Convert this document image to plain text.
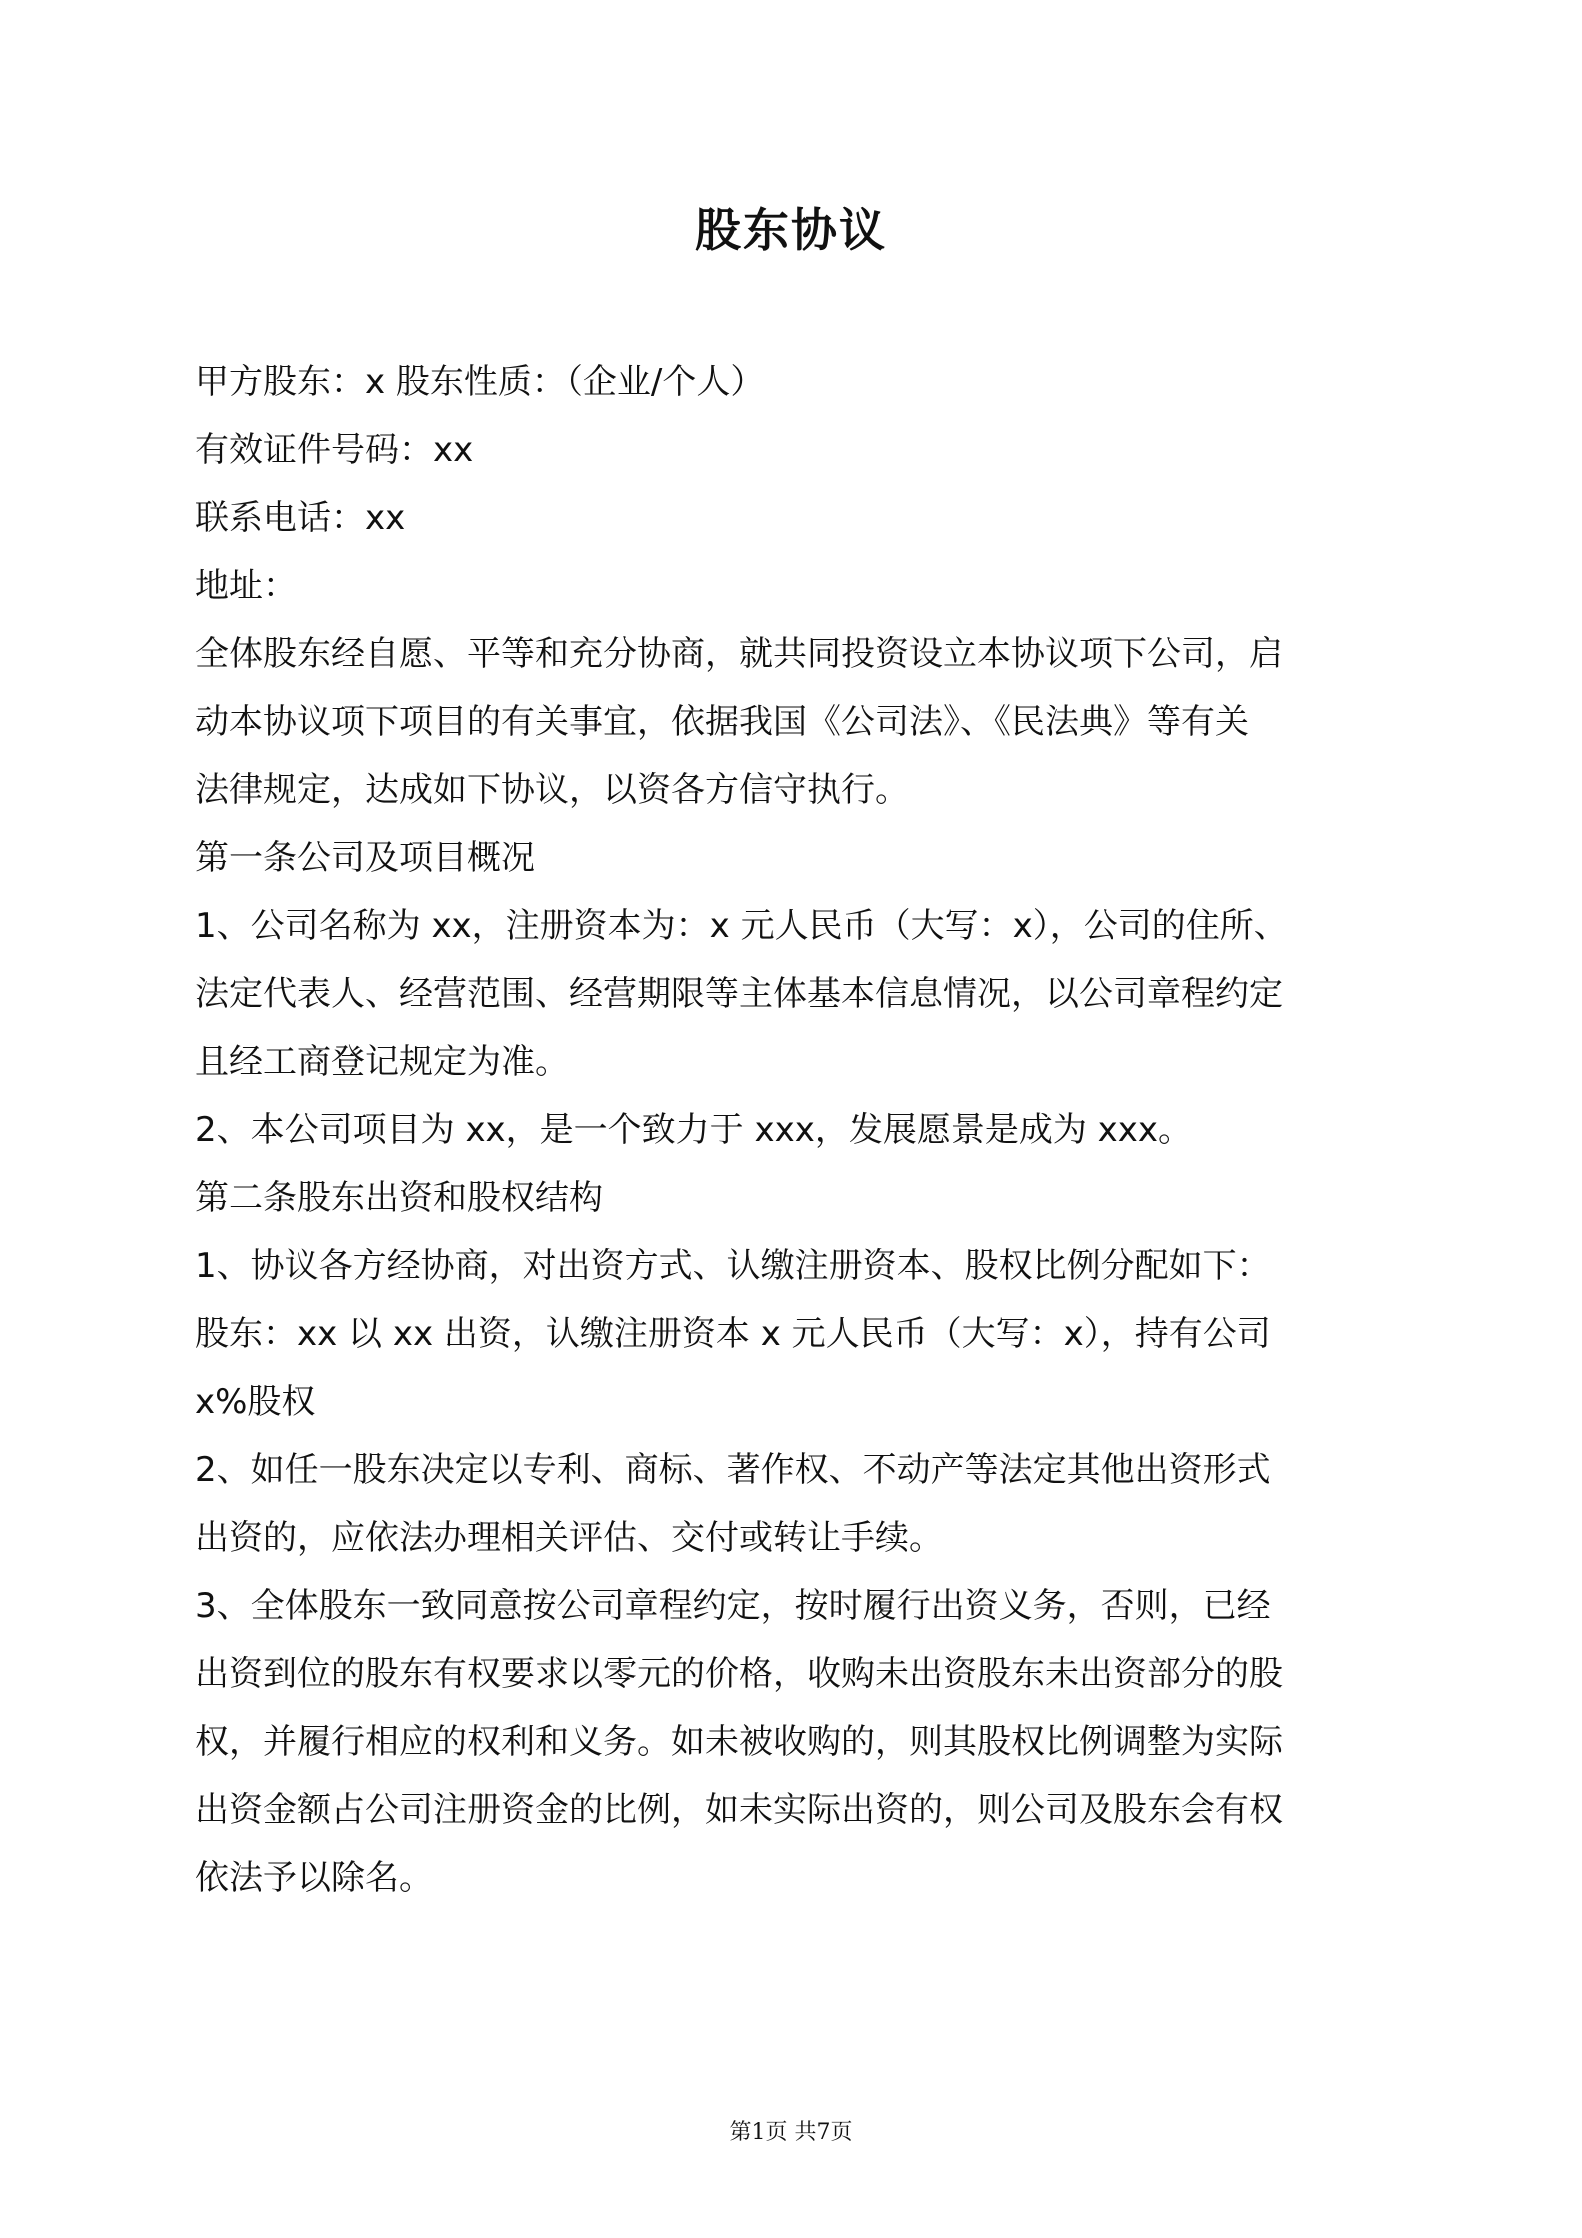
股东协议
甲方股东：x 股东性质：（企业/个人）
有效证件号码：xx
联系电话：xx
地址：
全体股东经自愿、平等和充分协商，就共同投资设立本协议项下公司，启
动本协议项下项目的有关事宜，依据我国《公司法》、《民法典》等有关
法律规定，达成如下协议，以资各方信守执行。
第一条公司及项目概况
1、公司名称为 xx，注册资本为：x 元人民币（大写：x），公司的住所、
法定代表人、经营范围、经营期限等主体基本信息情况，以公司章程约定
且经工商登记规定为准。
2、本公司项目为 xx，是一个致力于 xxx，发展愿景是成为 xxx。
第二条股东出资和股权结构
1、协议各方经协商，对出资方式、认缴注册资本、股权比例分配如下：
股东：xx 以 xx 出资，认缴注册资本 x 元人民币（大写：x），持有公司
x%股权
2、如任一股东决定以专利、商标、著作权、不动产等法定其他出资形式
出资的，应依法办理相关评估、交付或转让手续。
3、全体股东一致同意按公司章程约定，按时履行出资义务，否则，已经
出资到位的股东有权要求以零元的价格，收购未出资股东未出资部分的股
权，并履行相应的权利和义务。如未被收购的，则其股权比例调整为实际
出资金额占公司注册资金的比例，如未实际出资的，则公司及股东会有权
依法予以除名。
第1页 共7页
